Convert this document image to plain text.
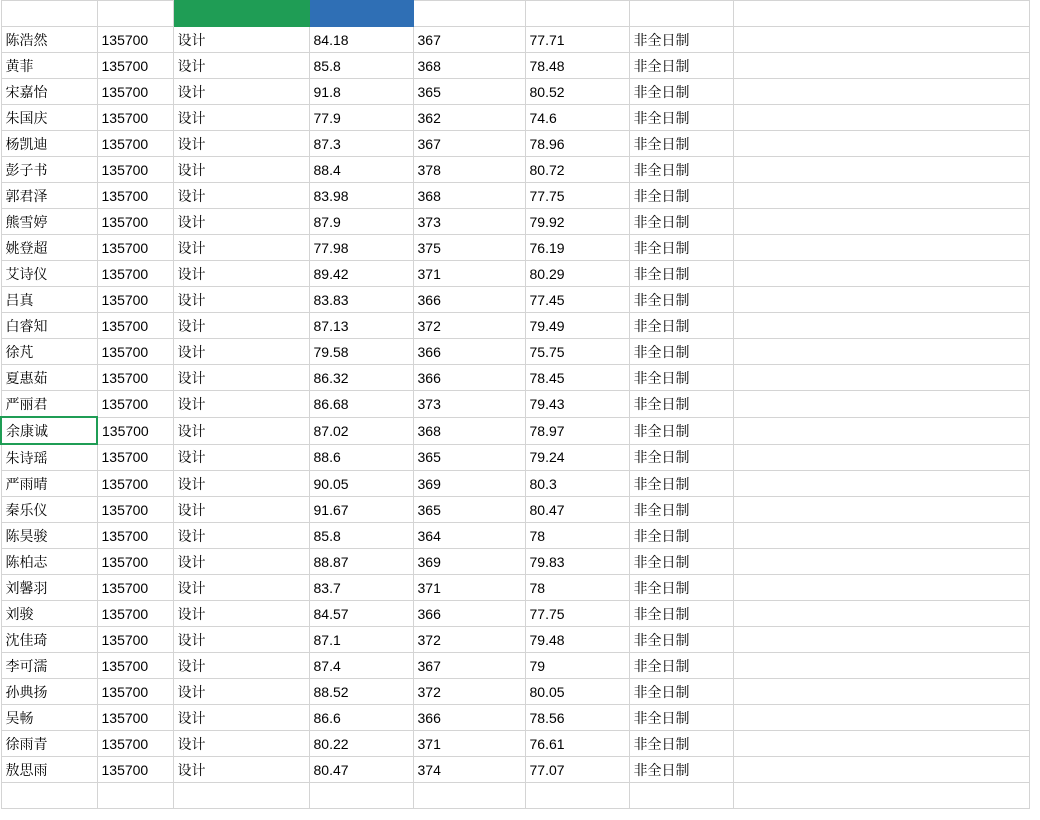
陈浩然	135700	设计	84.18	367	77.71	非全日制	
黄菲	135700	设计	85.8	368	78.48	非全日制	
宋嘉怡	135700	设计	91.8	365	80.52	非全日制	
朱国庆	135700	设计	77.9	362	74.6	非全日制	
杨凯迪	135700	设计	87.3	367	78.96	非全日制	
彭子书	135700	设计	88.4	378	80.72	非全日制	
郭君泽	135700	设计	83.98	368	77.75	非全日制	
熊雪婷	135700	设计	87.9	373	79.92	非全日制	
姚登超	135700	设计	77.98	375	76.19	非全日制	
艾诗仪	135700	设计	89.42	371	80.29	非全日制	
吕真	135700	设计	83.83	366	77.45	非全日制	
白睿知	135700	设计	87.13	372	79.49	非全日制	
徐芃	135700	设计	79.58	366	75.75	非全日制	
夏惠茹	135700	设计	86.32	366	78.45	非全日制	
严丽君	135700	设计	86.68	373	79.43	非全日制	
余康诚	135700	设计	87.02	368	78.97	非全日制	
朱诗瑶	135700	设计	88.6	365	79.24	非全日制	
严雨晴	135700	设计	90.05	369	80.3	非全日制	
秦乐仪	135700	设计	91.67	365	80.47	非全日制	
陈昊骏	135700	设计	85.8	364	78	非全日制	
陈柏志	135700	设计	88.87	369	79.83	非全日制	
刘馨羽	135700	设计	83.7	371	78	非全日制	
刘骏	135700	设计	84.57	366	77.75	非全日制	
沈佳琦	135700	设计	87.1	372	79.48	非全日制	
李可濡	135700	设计	87.4	367	79	非全日制	
孙典扬	135700	设计	88.52	372	80.05	非全日制	
吴畅	135700	设计	86.6	366	78.56	非全日制	
徐雨青	135700	设计	80.22	371	76.61	非全日制	
敖思雨	135700	设计	80.47	374	77.07	非全日制	
